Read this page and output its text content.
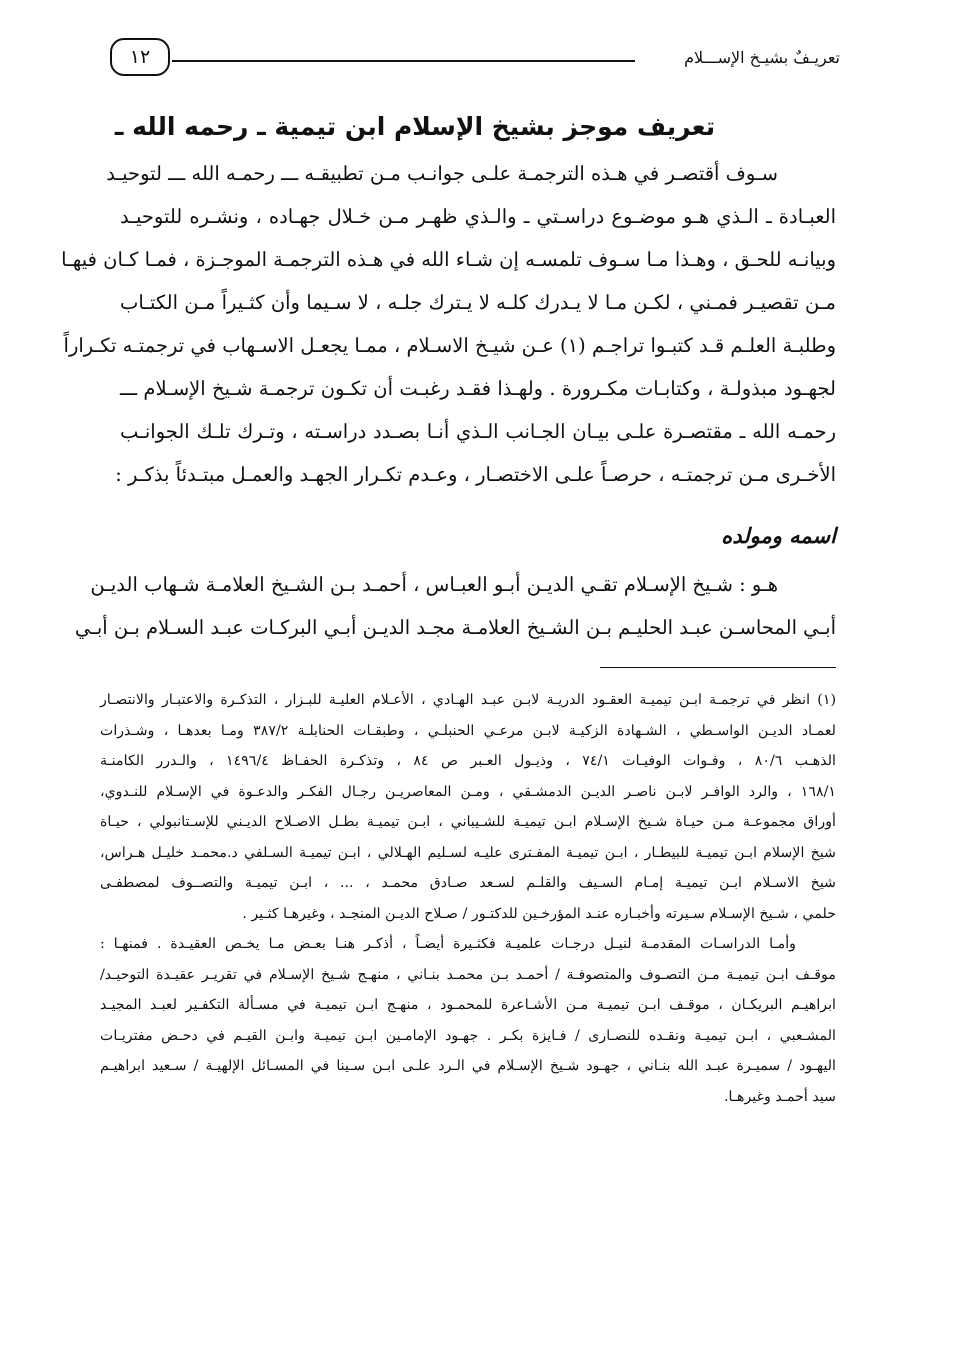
تعريـفٌ بشيـخ الإســـلام
١٢
تعريف موجز بشيخ الإسلام ابن تيمية ـ رحمه الله ـ
سـوف أقتصـر في هـذه الترجمـة علـى جوانـب مـن تطبيقـه ـــ رحمـه الله ـــ لتوحيـد
العبـادة ـ الـذي هـو موضـوع دراسـتي ـ والـذي ظهـر مـن خـلال جهـاده ، ونشـره للتوحيـد
وبيانـه للحـق ، وهـذا مـا سـوف تلمسـه إن شـاء الله في هـذه الترجمـة الموجـزة ، فمـا كـان فيهـا
مـن تقصيـر فمـني ، لكـن مـا لا يـدرك كلـه لا يـترك جلـه ، لا سـيما وأن كثـيراً مـن الكتـاب
وطلبـة العلـم قـد كتبـوا تراجـم (١) عـن شيـخ الاسـلام ، ممـا يجعـل الاسـهاب في ترجمتـه تكـراراً
لجهـود مبذولـة ، وكتابـات مكـرورة . ولهـذا فقـد رغبـت أن تكـون ترجمـة شـيخ الإسـلام ـــ
رحمـه الله ـ مقتصـرة علـى بيـان الجـانب الـذي أنـا بصـدد دراسـته ، وتـرك تلـك الجوانـب
الأخـرى مـن ترجمتـه ، حرصـاً علـى الاختصـار ، وعـدم تكـرار الجهـد والعمـل مبتـدئاً بذكـر :
اسمه ومولده
هـو : شـيخ الإسـلام تقـي الديـن أبـو العبـاس ، أحمـد بـن الشـيخ العلامـة شـهاب الديـن
أبـي المحاسـن عبـد الحليـم بـن الشـيخ العلامـة مجـد الديـن أبـي البركـات عبـد السـلام بـن أبـي
(١) انظر في ترجمـة ابـن تيميـة العقـود الدريـة لابـن عبـد الهـادي ، الأعـلام العليـة للبـزار ، التذكـرة والاعتبـار والانتصـار
لعمـاد الديـن الواسـطي ، الشـهادة الزكيـة لابـن مرعـي الحنبلـي ، وطبقـات الحنابلـة ٣٨٧/٢ ومـا بعدهـا ، وشـذرات
الذهـب ٨٠/٦ ، وفـوات الوفيـات ٧٤/١ ، وذيـول العـبر ص ٨٤ ، وتذكـرة الحفـاظ ١٤٩٦/٤ ، والـدرر الكامنـة
١٦٨/١ ، والرد الوافـر لابـن ناصـر الديـن الدمشـقي ، ومـن المعاصريـن رجـال الفكـر والدعـوة في الإسـلام للنـدوي،
أوراق مجموعـة مـن حيـاة شـيخ الإسـلام ابـن تيميـة للشـيباني ، ابـن تيميـة بطـل الاصـلاح الديـني للإسـتانبولي ، حيـاة
شيخ الإسلام ابـن تيميـة للبيطـار ، ابـن تيميـة المفـترى عليـه لسـليم الهـلالي ، ابـن تيميـة السـلفي د.محمـد خليـل هـراس،
شيخ الاسـلام ابـن تيميـة إمـام السـيف والقلـم لسـعد صـادق محمـد ، ... ، ابـن تيميـة والتصــوف لمصطفـى
حلمي ، شـيخ الإسـلام سـيرته وأخبـاره عنـد المؤرخـين للدكتـور / صـلاح الديـن المنجـد ، وغيرهـا كثـير .
وأمـا الدراسـات المقدمـة لنيـل درجـات علميـة فكثـيرة أيضـاً ، أذكـر هنـا بعـض مـا يخـص العقيـدة . فمنهـا :
موقـف ابـن تيميـة مـن التصـوف والمتصوفـة / أحمـد بـن محمـد بنـاني ، منهـج شـيخ الإسـلام في تقريـر عقيـدة التوحيـد/
ابراهيـم البريكـان ، موقـف ابـن تيميـة مـن الأشـاعرة للمحمـود ، منهـج ابـن تيميـة في مسـألة التكفـير لعبـد المجيـد
المشـعبي ، ابـن تيميـة ونقـده للنصـارى / فـايزة بكـر . جهـود الإمامـين ابـن تيميـة وابـن القيـم في دحـض مفتريـات
اليهـود / سميـرة عبـد الله بنـاني ، جهـود شـيخ الإسـلام في الـرد علـى ابـن سـينا في المسـائل الإلهيـة / سـعيد ابراهيـم
سيد أحمـد وغيرهـا.
